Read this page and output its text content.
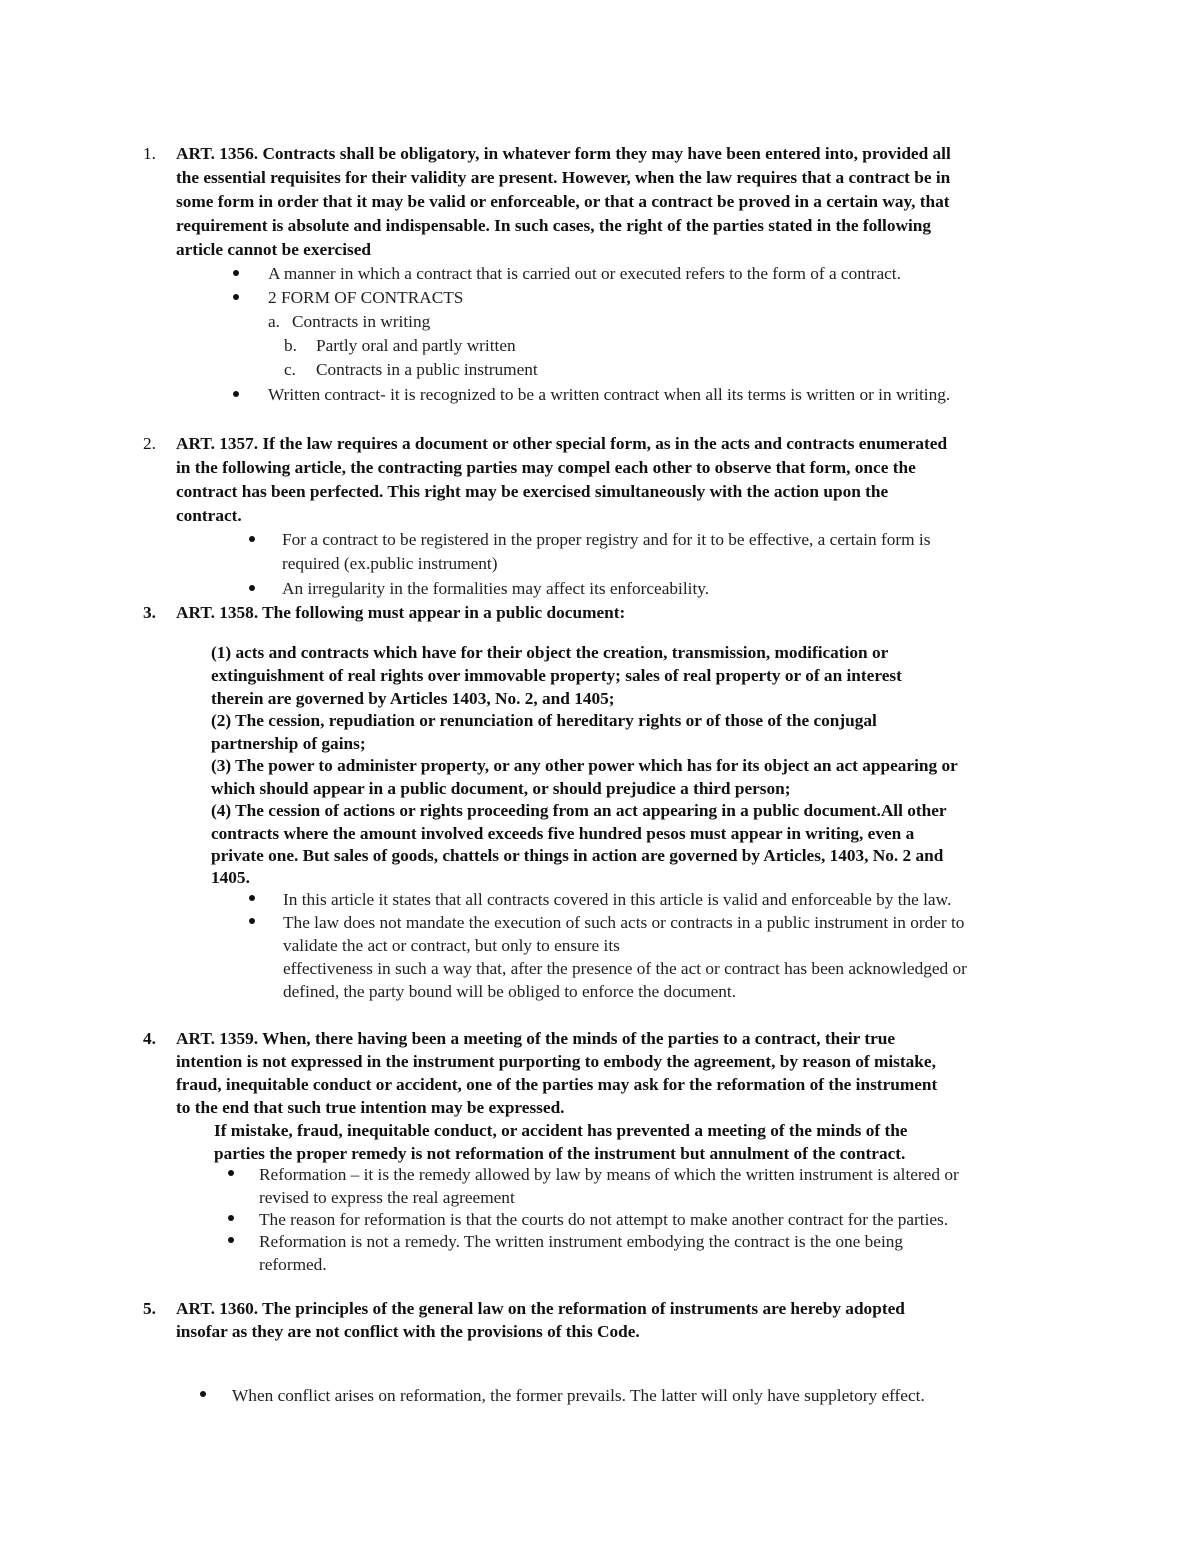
1. ART. 1356. Contracts shall be obligatory, in whatever form they may have been entered into, provided all
the essential requisites for their validity are present. However, when the law requires that a contract be in
some form in order that it may be valid or enforceable, or that a contract be proved in a certain way, that
requirement is absolute and indispensable. In such cases, the right of the parties stated in the following
article cannot be exercised
A manner in which a contract that is carried out or executed refers to the form of a contract.
2 FORM OF CONTRACTS
a. Contracts in writing
b. Partly oral and partly written
c. Contracts in a public instrument
Written contract- it is recognized to be a written contract when all its terms is written or in writing.
2. ART. 1357. If the law requires a document or other special form, as in the acts and contracts enumerated
in the following article, the contracting parties may compel each other to observe that form, once the
contract has been perfected. This right may be exercised simultaneously with the action upon the
contract.
For a contract to be registered in the proper registry and for it to be effective, a certain form is
required (ex.public instrument)
An irregularity in the formalities may affect its enforceability.
3. ART. 1358. The following must appear in a public document:
(1) acts and contracts which have for their object the creation, transmission, modification or
extinguishment of real rights over immovable property; sales of real property or of an interest
therein are governed by Articles 1403, No. 2, and 1405;
(2) The cession, repudiation or renunciation of hereditary rights or of those of the conjugal
partnership of gains;
(3) The power to administer property, or any other power which has for its object an act appearing or
which should appear in a public document, or should prejudice a third person;
(4) The cession of actions or rights proceeding from an act appearing in a public document.All other
contracts where the amount involved exceeds five hundred pesos must appear in writing, even a
private one. But sales of goods, chattels or things in action are governed by Articles, 1403, No. 2 and
1405.
In this article it states that all contracts covered in this article is valid and enforceable by the law.
The law does not mandate the execution of such acts or contracts in a public instrument in order to
validate the act or contract, but only to ensure its
effectiveness in such a way that, after the presence of the act or contract has been acknowledged or
defined, the party bound will be obliged to enforce the document.
4. ART. 1359. When, there having been a meeting of the minds of the parties to a contract, their true
intention is not expressed in the instrument purporting to embody the agreement, by reason of mistake,
fraud, inequitable conduct or accident, one of the parties may ask for the reformation of the instrument
to the end that such true intention may be expressed.
If mistake, fraud, inequitable conduct, or accident has prevented a meeting of the minds of the
parties the proper remedy is not reformation of the instrument but annulment of the contract.
Reformation – it is the remedy allowed by law by means of which the written instrument is altered or
revised to express the real agreement
The reason for reformation is that the courts do not attempt to make another contract for the parties.
Reformation is not a remedy. The written instrument embodying the contract is the one being
reformed.
5. ART. 1360. The principles of the general law on the reformation of instruments are hereby adopted
insofar as they are not conflict with the provisions of this Code.
When conflict arises on reformation, the former prevails. The latter will only have suppletory effect.
